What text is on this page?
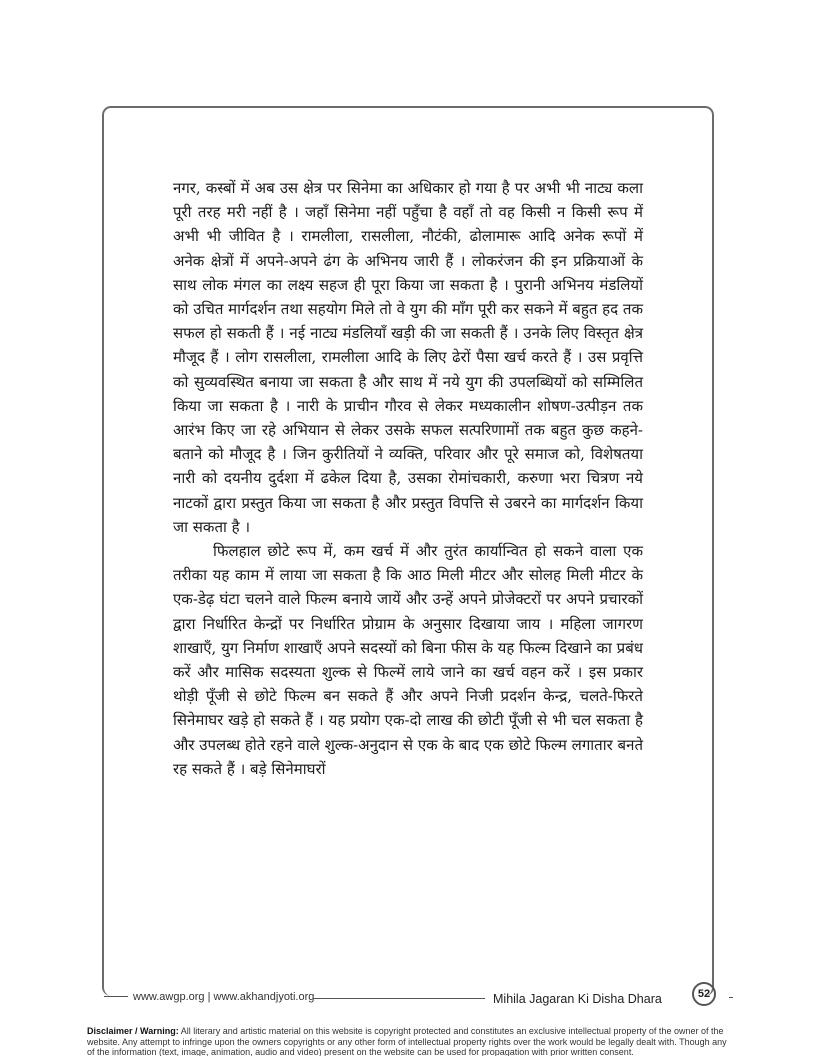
नगर, कस्बों में अब उस क्षेत्र पर सिनेमा का अधिकार हो गया है पर अभी भी नाट्य कला पूरी तरह मरी नहीं है । जहाँ सिनेमा नहीं पहुँचा है वहाँ तो वह किसी न किसी रूप में अभी भी जीवित है । रामलीला, रासलीला, नौटंकी, ढोलामारू आदि अनेक रूपों में अनेक क्षेत्रों में अपने-अपने ढंग के अभिनय जारी हैं । लोकरंजन की इन प्रक्रियाओं के साथ लोक मंगल का लक्ष्य सहज ही पूरा किया जा सकता है । पुरानी अभिनय मंडलियों को उचित मार्गदर्शन तथा सहयोग मिले तो वे युग की माँग पूरी कर सकने में बहुत हद तक सफल हो सकती हैं । नई नाट्य मंडलियाँ खड़ी की जा सकती हैं । उनके लिए विस्तृत क्षेत्र मौजूद हैं । लोग रासलीला, रामलीला आदि के लिए ढेरों पैसा खर्च करते हैं । उस प्रवृत्ति को सुव्यवस्थित बनाया जा सकता है और साथ में नये युग की उपलब्धियों को सम्मिलित किया जा सकता है । नारी के प्राचीन गौरव से लेकर मध्यकालीन शोषण-उत्पीड़न तक आरंभ किए जा रहे अभियान से लेकर उसके सफल सत्परिणामों तक बहुत कुछ कहने-बताने को मौजूद है । जिन कुरीतियों ने व्यक्ति, परिवार और पूरे समाज को, विशेषतया नारी को दयनीय दुर्दशा में ढकेल दिया है, उसका रोमांचकारी, करुणा भरा चित्रण नये नाटकों द्वारा प्रस्तुत किया जा सकता है और प्रस्तुत विपत्ति से उबरने का मार्गदर्शन किया जा सकता है ।

फिलहाल छोटे रूप में, कम खर्च में और तुरंत कार्यान्वित हो सकने वाला एक तरीका यह काम में लाया जा सकता है कि आठ मिली मीटर और सोलह मिली मीटर के एक-डेढ़ घंटा चलने वाले फिल्म बनाये जायें और उन्हें अपने प्रोजेक्टरों पर अपने प्रचारकों द्वारा निर्धारित केन्द्रों पर निर्धारित प्रोग्राम के अनुसार दिखाया जाय । महिला जागरण शाखाएँ, युग निर्माण शाखाएँ अपने सदस्यों को बिना फीस के यह फिल्म दिखाने का प्रबंध करें और मासिक सदस्यता शुल्क से फिल्में लाये जाने का खर्च वहन करें । इस प्रकार थोड़ी पूँजी से छोटे फिल्म बन सकते हैं और अपने निजी प्रदर्शन केन्द्र, चलते-फिरते सिनेमाघर खड़े हो सकते हैं । यह प्रयोग एक-दो लाख की छोटी पूँजी से भी चल सकता है और उपलब्ध होते रहने वाले शुल्क-अनुदान से एक के बाद एक छोटे फिल्म लगातार बनते रह सकते हैं । बड़े सिनेमाघरों

www.awgp.org | www.akhandjyoti.org	Mihila Jagaran Ki Disha Dhara	52
Disclaimer / Warning: All literary and artistic material on this website is copyright protected and constitutes an exclusive intellectual property of the owner of the website. Any attempt to infringe upon the owners copyrights or any other form of intellectual property rights over the work would be legally dealt with. Though any of the information (text, image, animation, audio and video) present on the website can be used for propagation with prior written consent.
